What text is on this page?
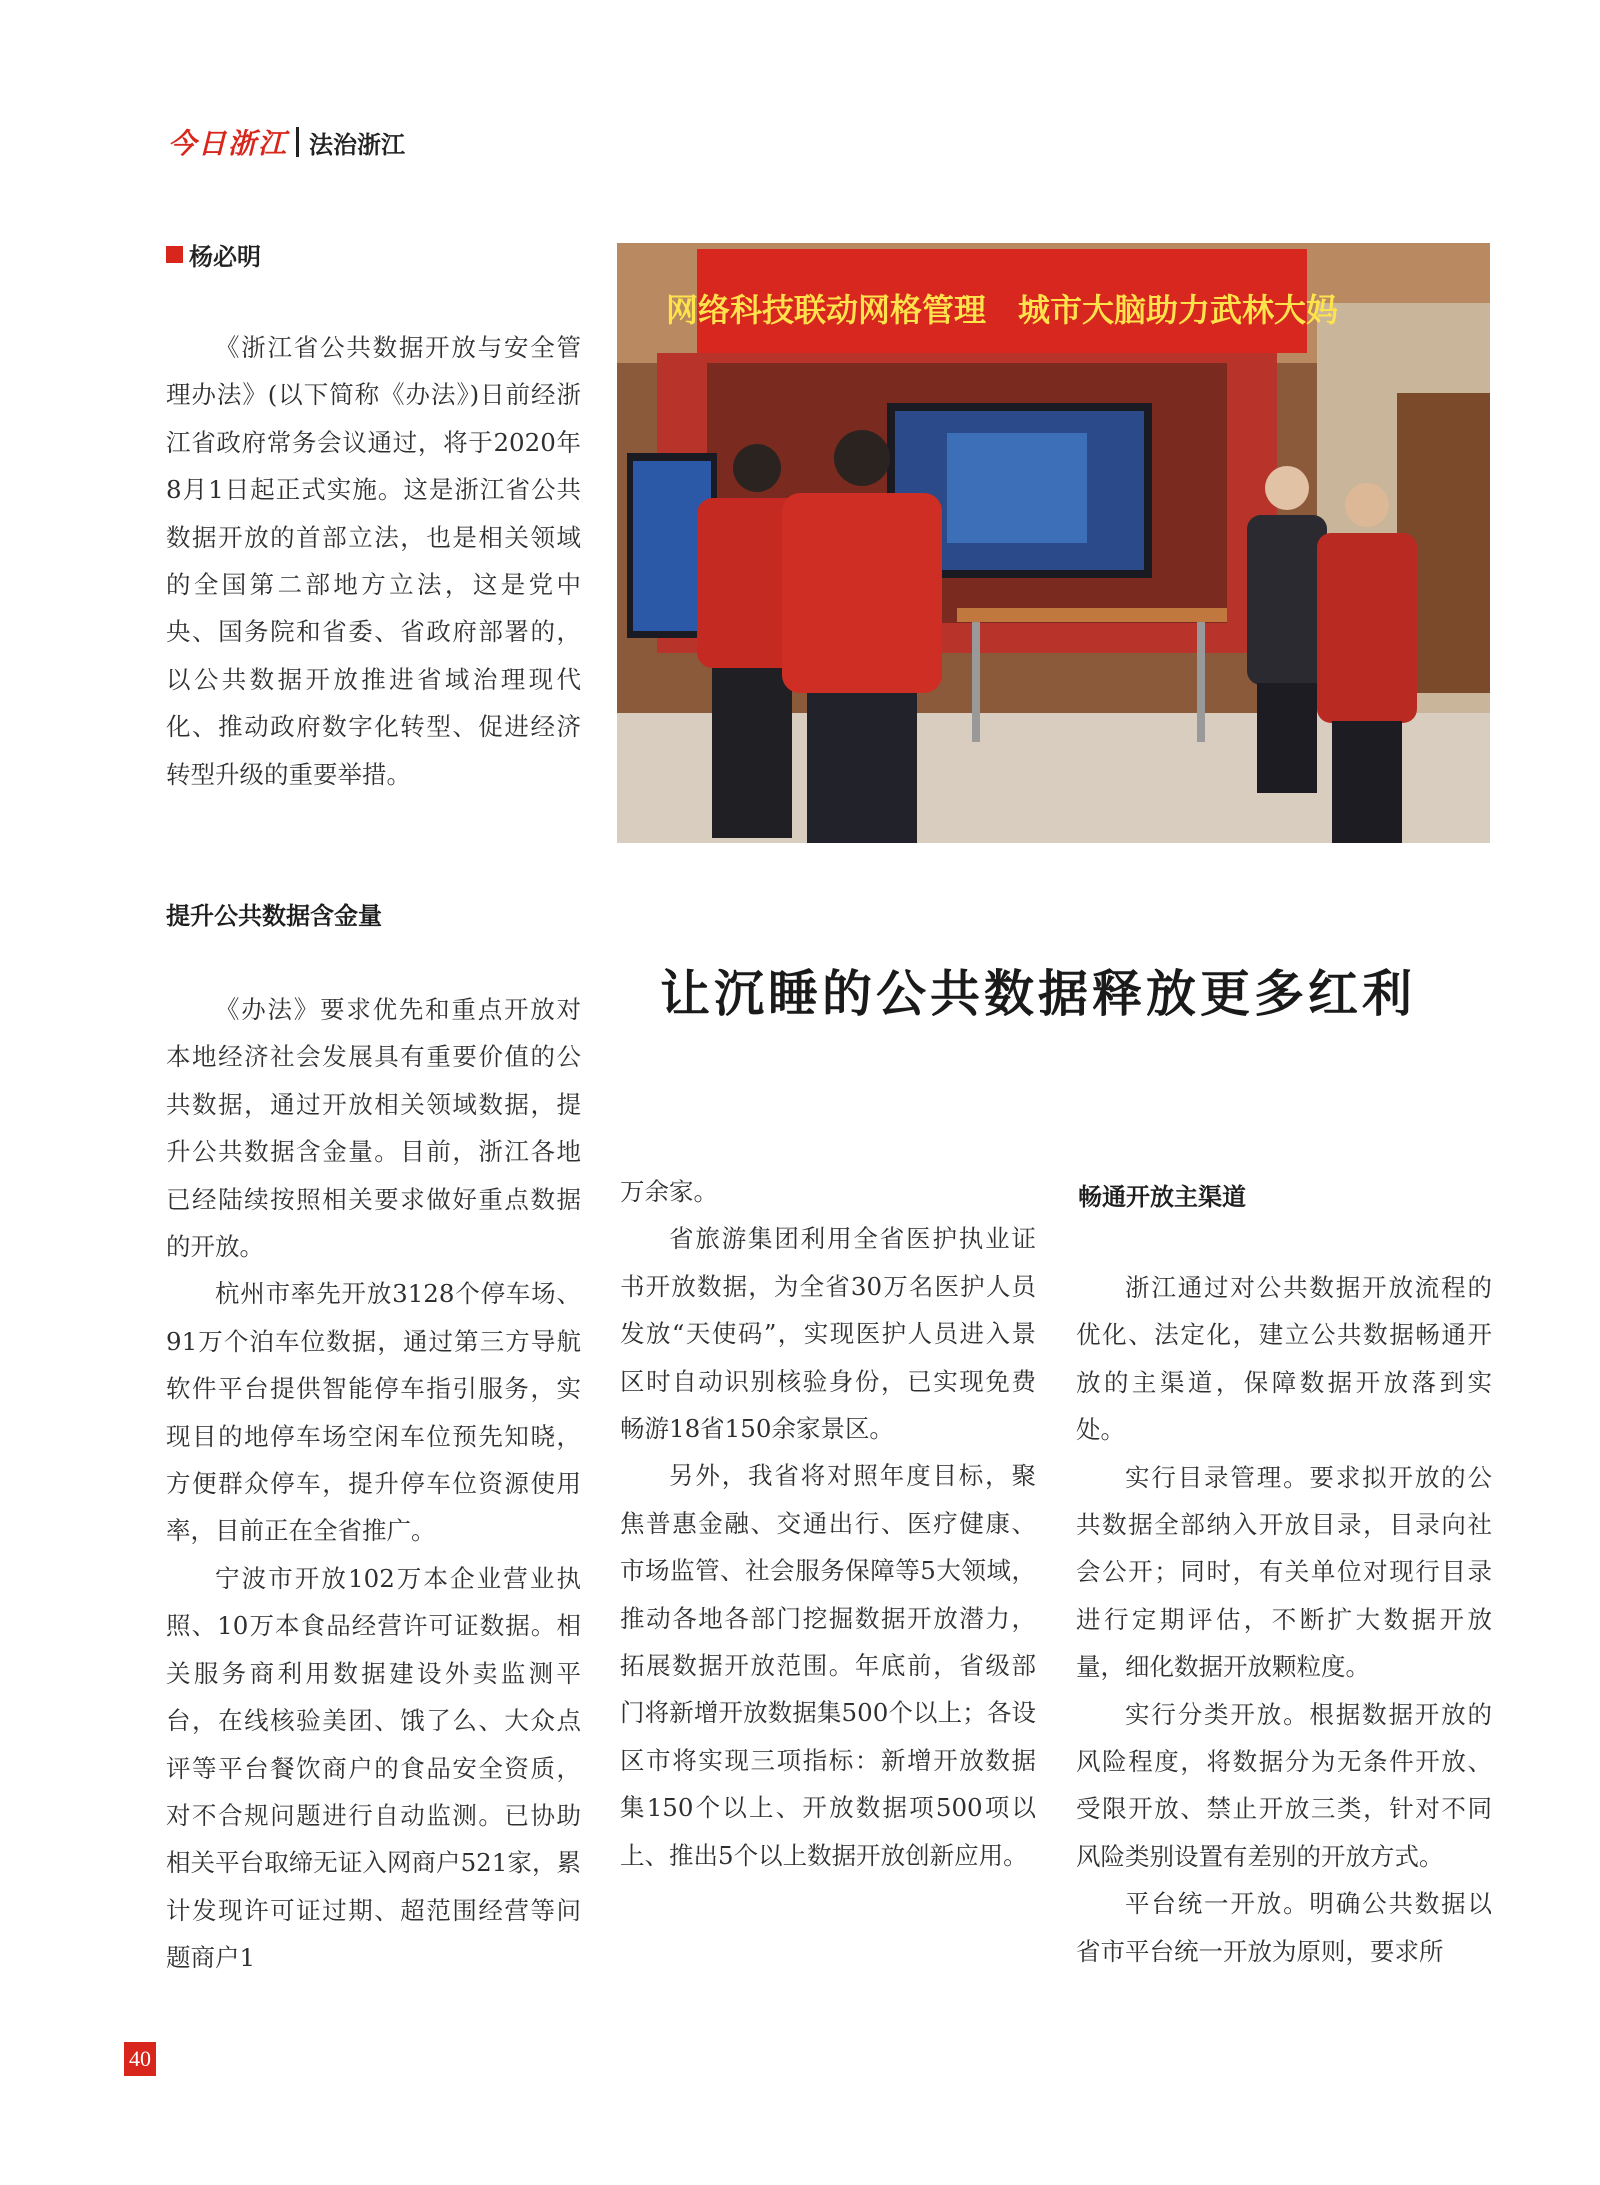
今日浙江 法治浙江
杨必明

《浙江省公共数据开放与安全管理办法》(以下简称《办法》)日前经浙江省政府常务会议通过，将于2020年8月1日起正式实施。这是浙江省公共数据开放的首部立法，也是相关领域的全国第二部地方立法，这是党中央、国务院和省委、省政府部署的，以公共数据开放推进省域治理现代化、推动政府数字化转型、促进经济转型升级的重要举措。

网络科技联动网格管理　城市大脑助力武林大妈
让沉睡的公共数据释放更多红利
提升公共数据含金量

《办法》要求优先和重点开放对本地经济社会发展具有重要价值的公共数据，通过开放相关领域数据，提升公共数据含金量。目前，浙江各地已经陆续按照相关要求做好重点数据的开放。

杭州市率先开放3128个停车场、91万个泊车位数据，通过第三方导航软件平台提供智能停车指引服务，实现目的地停车场空闲车位预先知晓，方便群众停车，提升停车位资源使用率，目前正在全省推广。

宁波市开放102万本企业营业执照、10万本食品经营许可证数据。相关服务商利用数据建设外卖监测平台，在线核验美团、饿了么、大众点评等平台餐饮商户的食品安全资质，对不合规问题进行自动监测。已协助相关平台取缔无证入网商户521家，累计发现许可证过期、超范围经营等问题商户1

万余家。

省旅游集团利用全省医护执业证书开放数据，为全省30万名医护人员发放“天使码”，实现医护人员进入景区时自动识别核验身份，已实现免费畅游18省150余家景区。

另外，我省将对照年度目标，聚焦普惠金融、交通出行、医疗健康、市场监管、社会服务保障等5大领域，推动各地各部门挖掘数据开放潜力，拓展数据开放范围。年底前，省级部门将新增开放数据集500个以上；各设区市将实现三项指标：新增开放数据集150个以上、开放数据项500项以上、推出5个以上数据开放创新应用。

畅通开放主渠道

浙江通过对公共数据开放流程的优化、法定化，建立公共数据畅通开放的主渠道，保障数据开放落到实处。

实行目录管理。要求拟开放的公共数据全部纳入开放目录，目录向社会公开；同时，有关单位对现行目录进行定期评估，不断扩大数据开放量，细化数据开放颗粒度。

实行分类开放。根据数据开放的风险程度，将数据分为无条件开放、受限开放、禁止开放三类，针对不同风险类别设置有差别的开放方式。

平台统一开放。明确公共数据以省市平台统一开放为原则，要求所

40
